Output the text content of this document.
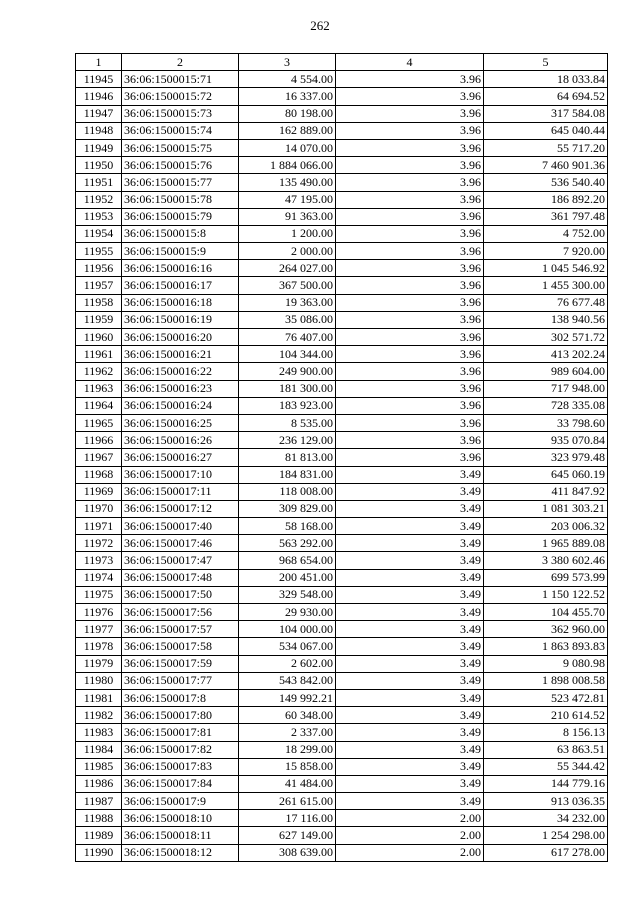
262
1	2	3	4	5
11945	36:06:1500015:71	4 554.00	3.96	18 033.84
11946	36:06:1500015:72	16 337.00	3.96	64 694.52
11947	36:06:1500015:73	80 198.00	3.96	317 584.08
11948	36:06:1500015:74	162 889.00	3.96	645 040.44
11949	36:06:1500015:75	14 070.00	3.96	55 717.20
11950	36:06:1500015:76	1 884 066.00	3.96	7 460 901.36
11951	36:06:1500015:77	135 490.00	3.96	536 540.40
11952	36:06:1500015:78	47 195.00	3.96	186 892.20
11953	36:06:1500015:79	91 363.00	3.96	361 797.48
11954	36:06:1500015:8	1 200.00	3.96	4 752.00
11955	36:06:1500015:9	2 000.00	3.96	7 920.00
11956	36:06:1500016:16	264 027.00	3.96	1 045 546.92
11957	36:06:1500016:17	367 500.00	3.96	1 455 300.00
11958	36:06:1500016:18	19 363.00	3.96	76 677.48
11959	36:06:1500016:19	35 086.00	3.96	138 940.56
11960	36:06:1500016:20	76 407.00	3.96	302 571.72
11961	36:06:1500016:21	104 344.00	3.96	413 202.24
11962	36:06:1500016:22	249 900.00	3.96	989 604.00
11963	36:06:1500016:23	181 300.00	3.96	717 948.00
11964	36:06:1500016:24	183 923.00	3.96	728 335.08
11965	36:06:1500016:25	8 535.00	3.96	33 798.60
11966	36:06:1500016:26	236 129.00	3.96	935 070.84
11967	36:06:1500016:27	81 813.00	3.96	323 979.48
11968	36:06:1500017:10	184 831.00	3.49	645 060.19
11969	36:06:1500017:11	118 008.00	3.49	411 847.92
11970	36:06:1500017:12	309 829.00	3.49	1 081 303.21
11971	36:06:1500017:40	58 168.00	3.49	203 006.32
11972	36:06:1500017:46	563 292.00	3.49	1 965 889.08
11973	36:06:1500017:47	968 654.00	3.49	3 380 602.46
11974	36:06:1500017:48	200 451.00	3.49	699 573.99
11975	36:06:1500017:50	329 548.00	3.49	1 150 122.52
11976	36:06:1500017:56	29 930.00	3.49	104 455.70
11977	36:06:1500017:57	104 000.00	3.49	362 960.00
11978	36:06:1500017:58	534 067.00	3.49	1 863 893.83
11979	36:06:1500017:59	2 602.00	3.49	9 080.98
11980	36:06:1500017:77	543 842.00	3.49	1 898 008.58
11981	36:06:1500017:8	149 992.21	3.49	523 472.81
11982	36:06:1500017:80	60 348.00	3.49	210 614.52
11983	36:06:1500017:81	2 337.00	3.49	8 156.13
11984	36:06:1500017:82	18 299.00	3.49	63 863.51
11985	36:06:1500017:83	15 858.00	3.49	55 344.42
11986	36:06:1500017:84	41 484.00	3.49	144 779.16
11987	36:06:1500017:9	261 615.00	3.49	913 036.35
11988	36:06:1500018:10	17 116.00	2.00	34 232.00
11989	36:06:1500018:11	627 149.00	2.00	1 254 298.00
11990	36:06:1500018:12	308 639.00	2.00	617 278.00
